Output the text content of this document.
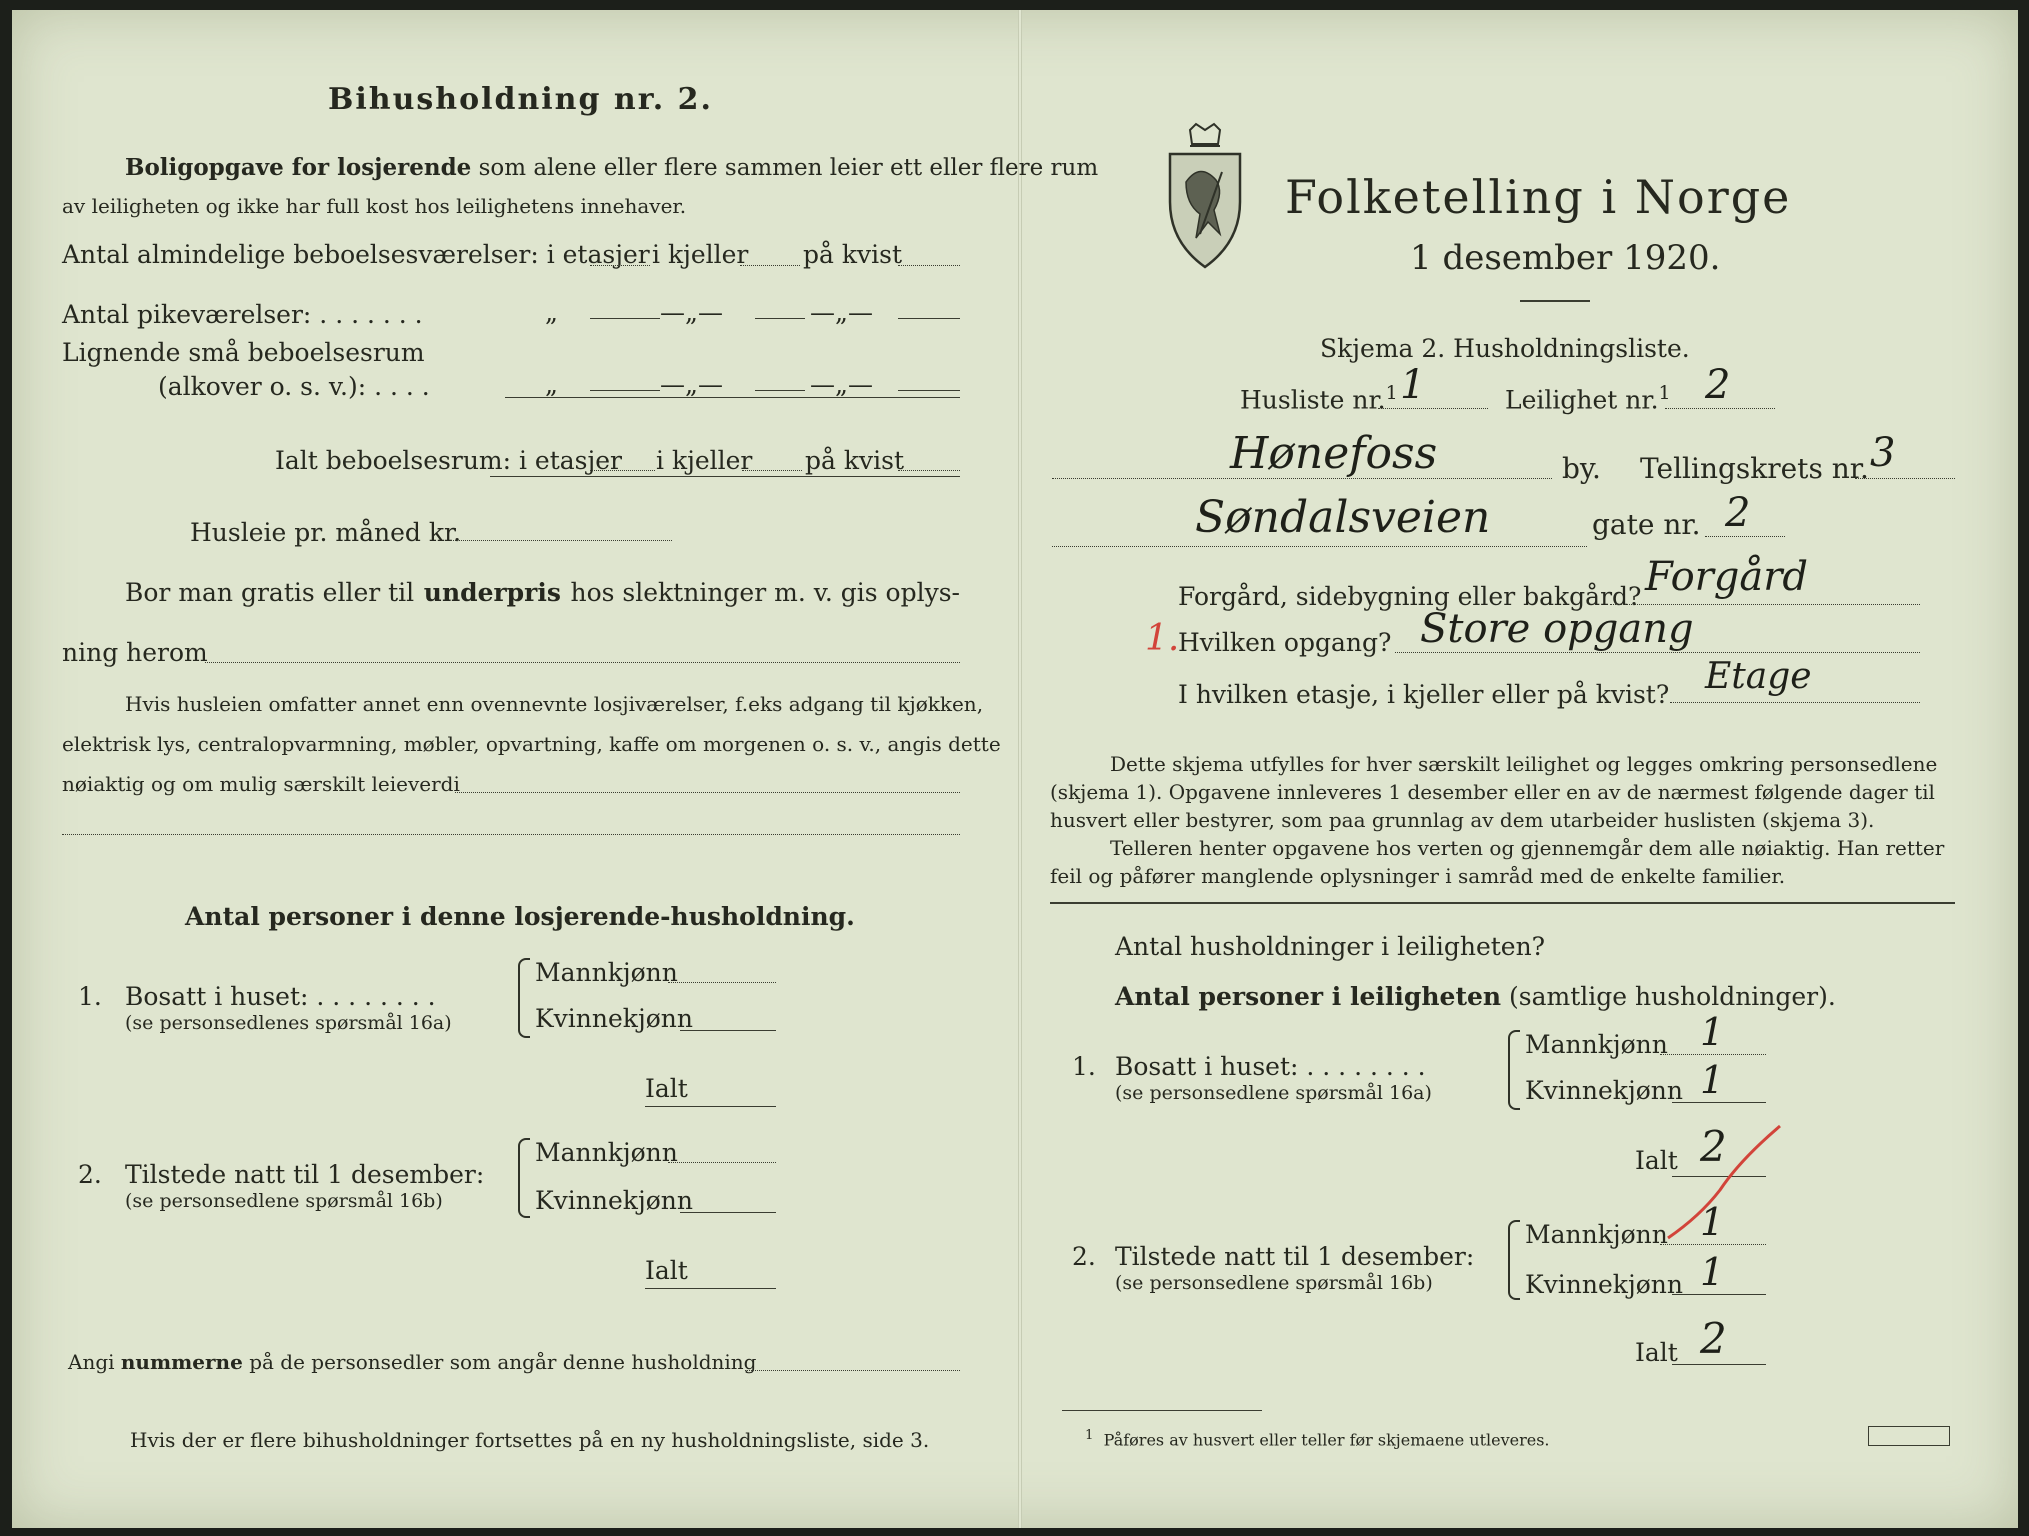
Bihusholdning nr. 2.
Boligopgave for losjerende som alene eller flere sammen leier ett eller flere rum
av leiligheten og ikke har full kost hos leilighetens innehaver.
Antal almindelige beboelsesværelser: i etasjer i kjeller på kvist
Antal pikeværelser: . . . . . . .	„	—„—	—„—
Lignende små beboelsesrum
(alkover o. s. v.): . . . .	„	—„—	—„—
Ialt beboelsesrum: i etasjer i kjeller på kvist
Husleie pr. måned kr.
Bor man gratis eller til underpris hos slektninger m. v. gis oplys-
ning herom
Hvis husleien omfatter annet enn ovennevnte losjiværelser, f.eks adgang til kjøkken,
elektrisk lys, centralopvarmning, møbler, opvartning, kaffe om morgenen o. s. v., angis dette
nøiaktig og om mulig særskilt leieverdi
Antal personer i denne losjerende-husholdning.
1. Bosatt i huset: . . . . . . . .
(se personsedlenes spørsmål 16a)
Mannkjønn
Kvinnekjønn
Ialt
2. Tilstede natt til 1 desember:
(se personsedlene spørsmål 16b)
Mannkjønn
Kvinnekjønn
Ialt
Angi nummerne på de personsedler som angår denne husholdning
Hvis der er flere bihusholdninger fortsettes på en ny husholdningsliste, side 3.
Folketelling i Norge
1 desember 1920.
Skjema 2. Husholdningsliste.
Husliste nr.$^1$ 1	Leilighet nr.$^1$ 2
Hønefoss	by. Tellingskrets nr. 3
Søndalsveien	gate nr. 2
Forgård, sidebygning eller bakgård? Forgård
1.
Hvilken opgang? Store opgang
I hvilken etasje, i kjeller eller på kvist? Etage
Dette skjema utfylles for hver særskilt leilighet og legges omkring personsedlene
(skjema 1). Opgavene innleveres 1 desember eller en av de nærmest følgende dager til
husvert eller bestyrer, som paa grunnlag av dem utarbeider huslisten (skjema 3).
Telleren henter opgavene hos verten og gjennemgår dem alle nøiaktig. Han retter
feil og påfører manglende oplysninger i samråd med de enkelte familier.
Antal husholdninger i leiligheten?
Antal personer i leiligheten (samtlige husholdninger).
1. Bosatt i huset: . . . . . . . .
(se personsedlene spørsmål 16a)
Mannkjønn 1
Kvinnekjønn 1
Ialt 2
2. Tilstede natt til 1 desember:
(se personsedlene spørsmål 16b)
Mannkjønn 1
Kvinnekjønn 1
Ialt 2
$^1$ Påføres av husvert eller teller før skjemaene utleveres.
